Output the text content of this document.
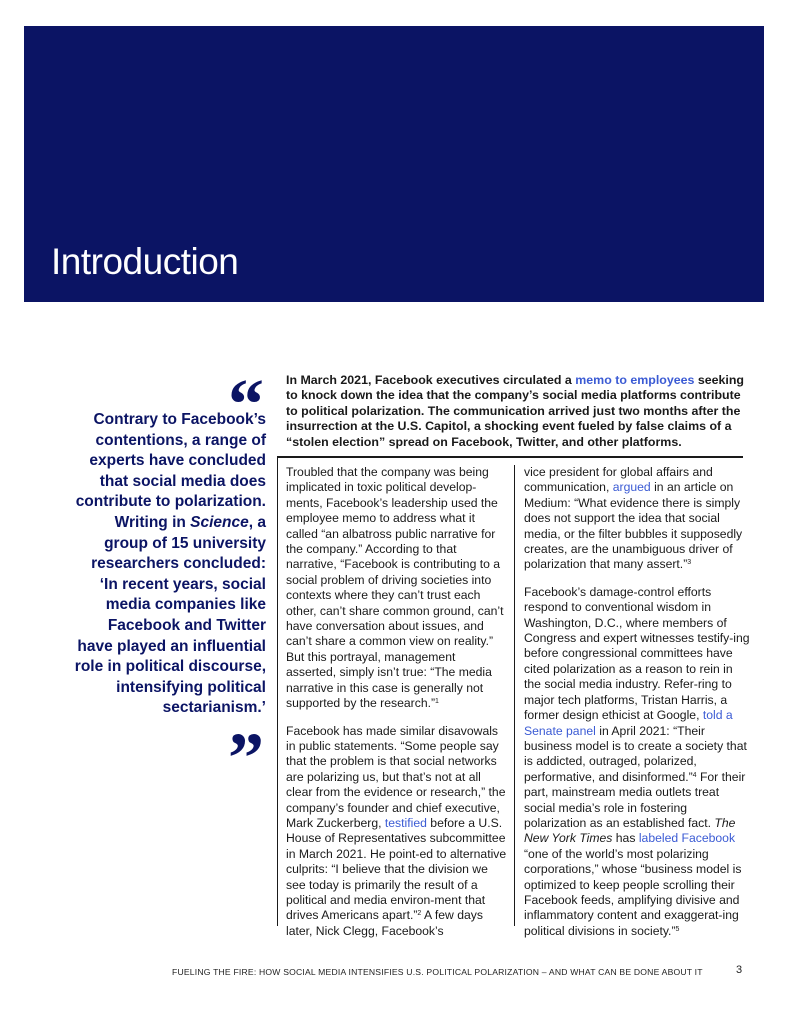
Introduction
“
Contrary to Facebook’s contentions, a range of experts have concluded that social media does contribute to polarization. Writing in Science, a group of 15 university researchers concluded: ‘In recent years, social media companies like Facebook and Twitter have played an influential role in political discourse, intensifying political sectarianism.’
”
In March 2021, Facebook executives circulated a memo to employees seeking to knock down the idea that the company’s social media platforms contribute to political polarization. The communication arrived just two months after the insurrection at the U.S. Capitol, a shocking event fueled by false claims of a “stolen election” spread on Facebook, Twitter, and other platforms.

Troubled that the company was being implicated in toxic political develop-ments, Facebook’s leadership used the employee memo to address what it called “an albatross public narrative for the company.” According to that narrative, “Facebook is contributing to a social problem of driving societies into contexts where they can’t trust each other, can’t share common ground, can’t have conversation about issues, and can’t share a common view on reality.” But this portrayal, management asserted, simply isn’t true: “The media narrative in this case is generally not supported by the research.”$^1$

Facebook has made similar disavowals in public statements. “Some people say that the problem is that social networks are polarizing us, but that’s not at all clear from the evidence or research,” the company’s founder and chief executive, Mark Zuckerberg, testified before a U.S. House of Representatives subcommittee in March 2021. He point-ed to alternative culprits: “I believe that the division we see today is primarily the result of a political and media environ-ment that drives Americans apart.”$^2$ A few days later, Nick Clegg, Facebook’s

vice president for global affairs and communication, argued in an article on Medium: “What evidence there is simply does not support the idea that social media, or the filter bubbles it supposedly creates, are the unambiguous driver of polarization that many assert.”$^3$

Facebook’s damage-control efforts respond to conventional wisdom in Washington, D.C., where members of Congress and expert witnesses testify-ing before congressional committees have cited polarization as a reason to rein in the social media industry. Refer-ring to major tech platforms, Tristan Harris, a former design ethicist at Google, told a Senate panel in April 2021: “Their business model is to create a society that is addicted, outraged, polarized, performative, and disinformed.”$^4$ For their part, mainstream media outlets treat social media’s role in fostering polarization as an established fact. The New York Times has labeled Facebook “one of the world’s most polarizing corporations,” whose “business model is optimized to keep people scrolling their Facebook feeds, amplifying divisive and inflammatory content and exaggerat-ing political divisions in society.”$^5$

FUELING THE FIRE: HOW SOCIAL MEDIA INTENSIFIES U.S. POLITICAL POLARIZATION – AND WHAT CAN BE DONE ABOUT IT	3
